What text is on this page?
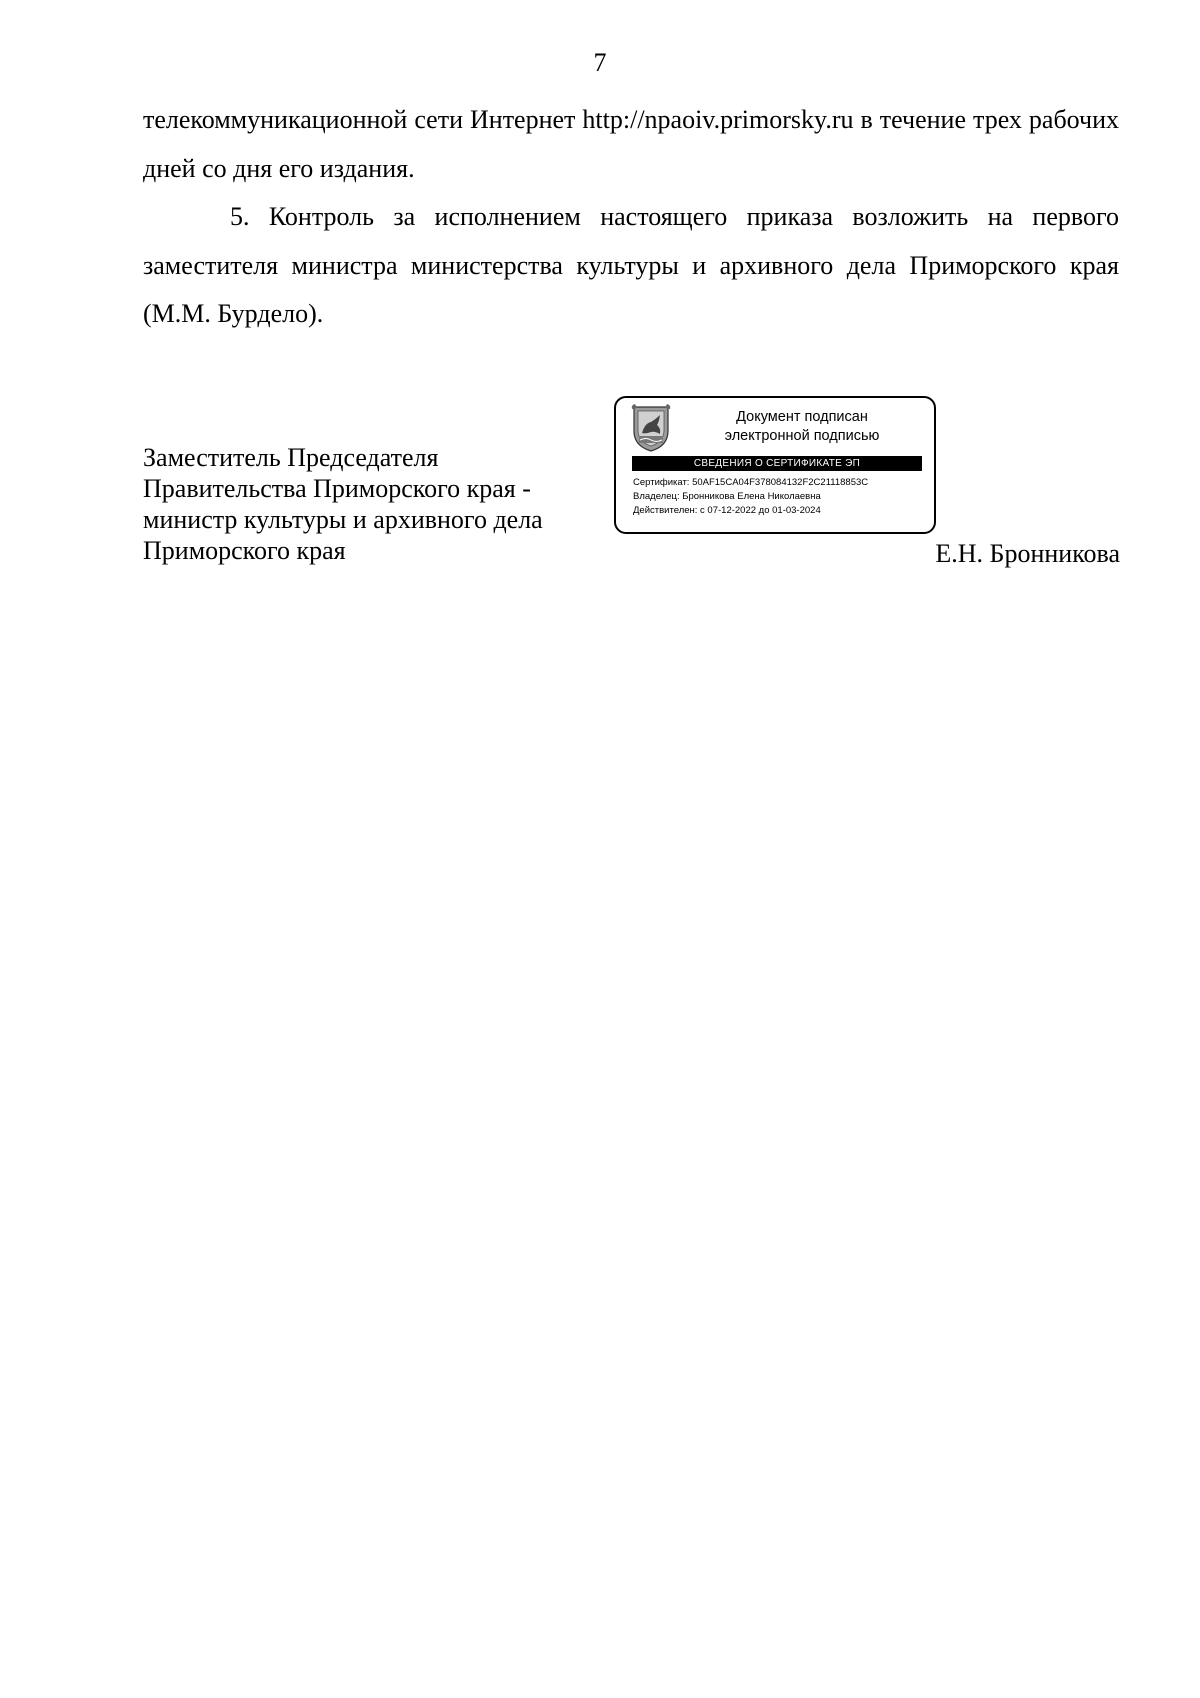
7

телекоммуникационной сети Интернет http://npaoiv.primorsky.ru в течение трех рабочих дней со дня его издания.

5. Контроль за исполнением настоящего приказа возложить на первого заместителя министра министерства культуры и архивного дела Приморского края (М.М. Бурдело).

Заместитель Председателя
Правительства Приморского края -
министр культуры и архивного дела
Приморского края
Документ подписан
электронной подписью
СВЕДЕНИЯ О СЕРТИФИКАТЕ ЭП
Сертификат: 50AF15CA04F378084132F2C21118853C
Владелец: Бронникова Елена Николаевна
Действителен: с 07-12-2022 до 01-03-2024
Е.Н. Бронникова
